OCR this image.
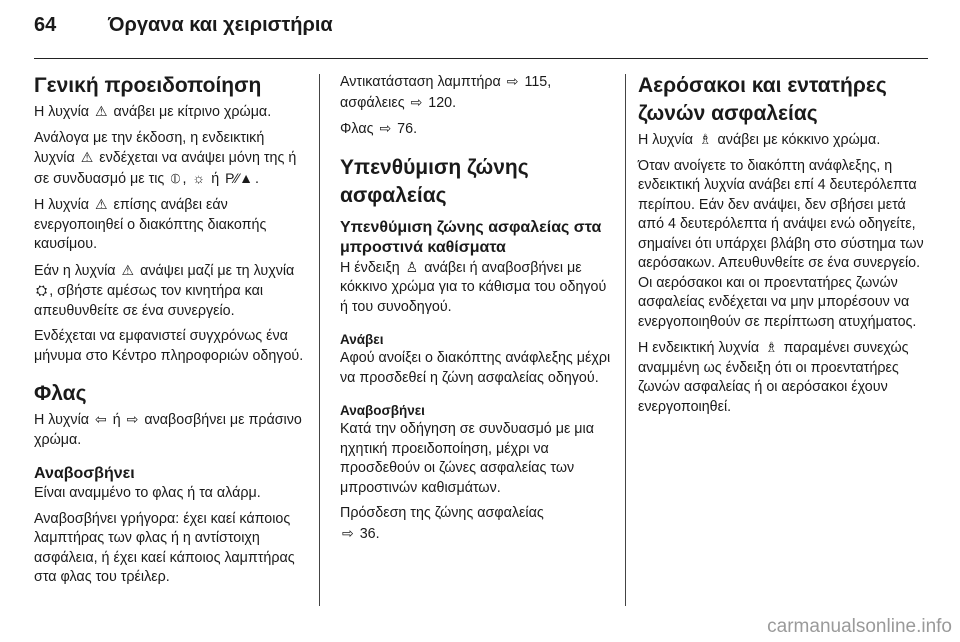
64	Όργανα και χειριστήρια
Γενική προειδοποίηση

Η λυχνία ⚠ ανάβει με κίτρινο χρώμα.

Ανάλογα με την έκδοση, η ενδεικτική λυχνία ⚠ ενδέχεται να ανάψει μόνη της ή σε συνδυασμό με τις ⦶ , ☼ ή P⁄⁄▲ .

Η λυχνία ⚠ επίσης ανάβει εάν ενεργοποιηθεί ο διακόπτης διακοπής καυσίμου.

Εάν η λυχνία ⚠ ανάψει μαζί με τη λυχνία ⛭ , σβήστε αμέσως τον κινητήρα και απευθυνθείτε σε ένα συνεργείο.

Ενδέχεται να εμφανιστεί συγχρόνως ένα μήνυμα στο Κέντρο πληροφοριών οδηγού.

Φλας

Η λυχνία ⇦ ή ⇨ αναβοσβήνει με πράσινο χρώμα.

Αναβοσβήνει

Είναι αναμμένο το φλας ή τα αλάρμ.

Αναβοσβήνει γρήγορα: έχει καεί κάποιος λαμπτήρας των φλας ή η αντίστοιχη ασφάλεια, ή έχει καεί κάποιος λαμπτήρας στα φλας του τρέιλερ.

Αντικατάσταση λαμπτήρα ⇨ 115, ασφάλειες ⇨ 120.

Φλας ⇨ 76.

Υπενθύμιση ζώνης ασφαλείας
Υπενθύμιση ζώνης ασφαλείας στα μπροστινά καθίσματα

Η ένδειξη ♙ ανάβει ή αναβοσβήνει με κόκκινο χρώμα για το κάθισμα του οδηγού ή του συνοδηγού.

Ανάβει

Αφού ανοίξει ο διακόπτης ανάφλεξης μέχρι να προσδεθεί η ζώνη ασφαλείας οδηγού.

Αναβοσβήνει

Κατά την οδήγηση σε συνδυασμό με μια ηχητική προειδοποίηση, μέχρι να προσδεθούν οι ζώνες ασφαλείας των μπροστινών καθισμάτων.

Πρόσδεση της ζώνης ασφαλείας
⇨ 36.

Αερόσακοι και εντατήρες ζωνών ασφαλείας

Η λυχνία ♗ ανάβει με κόκκινο χρώμα.

Όταν ανοίγετε το διακόπτη ανάφλεξης, η ενδεικτική λυχνία ανάβει επί 4 δευτερόλεπτα περίπου. Εάν δεν ανάψει, δεν σβήσει μετά από 4 δευτερόλεπτα ή ανάψει ενώ οδηγείτε, σημαίνει ότι υπάρχει βλάβη στο σύστημα των αερόσακων. Απευθυνθείτε σε ένα συνεργείο. Οι αερόσακοι και οι προεντατήρες ζωνών ασφαλείας ενδέχεται να μην μπορέσουν να ενεργοποιηθούν σε περίπτωση ατυχήματος.

Η ενδεικτική λυχνία ♗ παραμένει συνεχώς αναμμένη ως ένδειξη ότι οι προεντατήρες ζωνών ασφαλείας ή οι αερόσακοι έχουν ενεργοποιηθεί.

carmanualsonline.info
